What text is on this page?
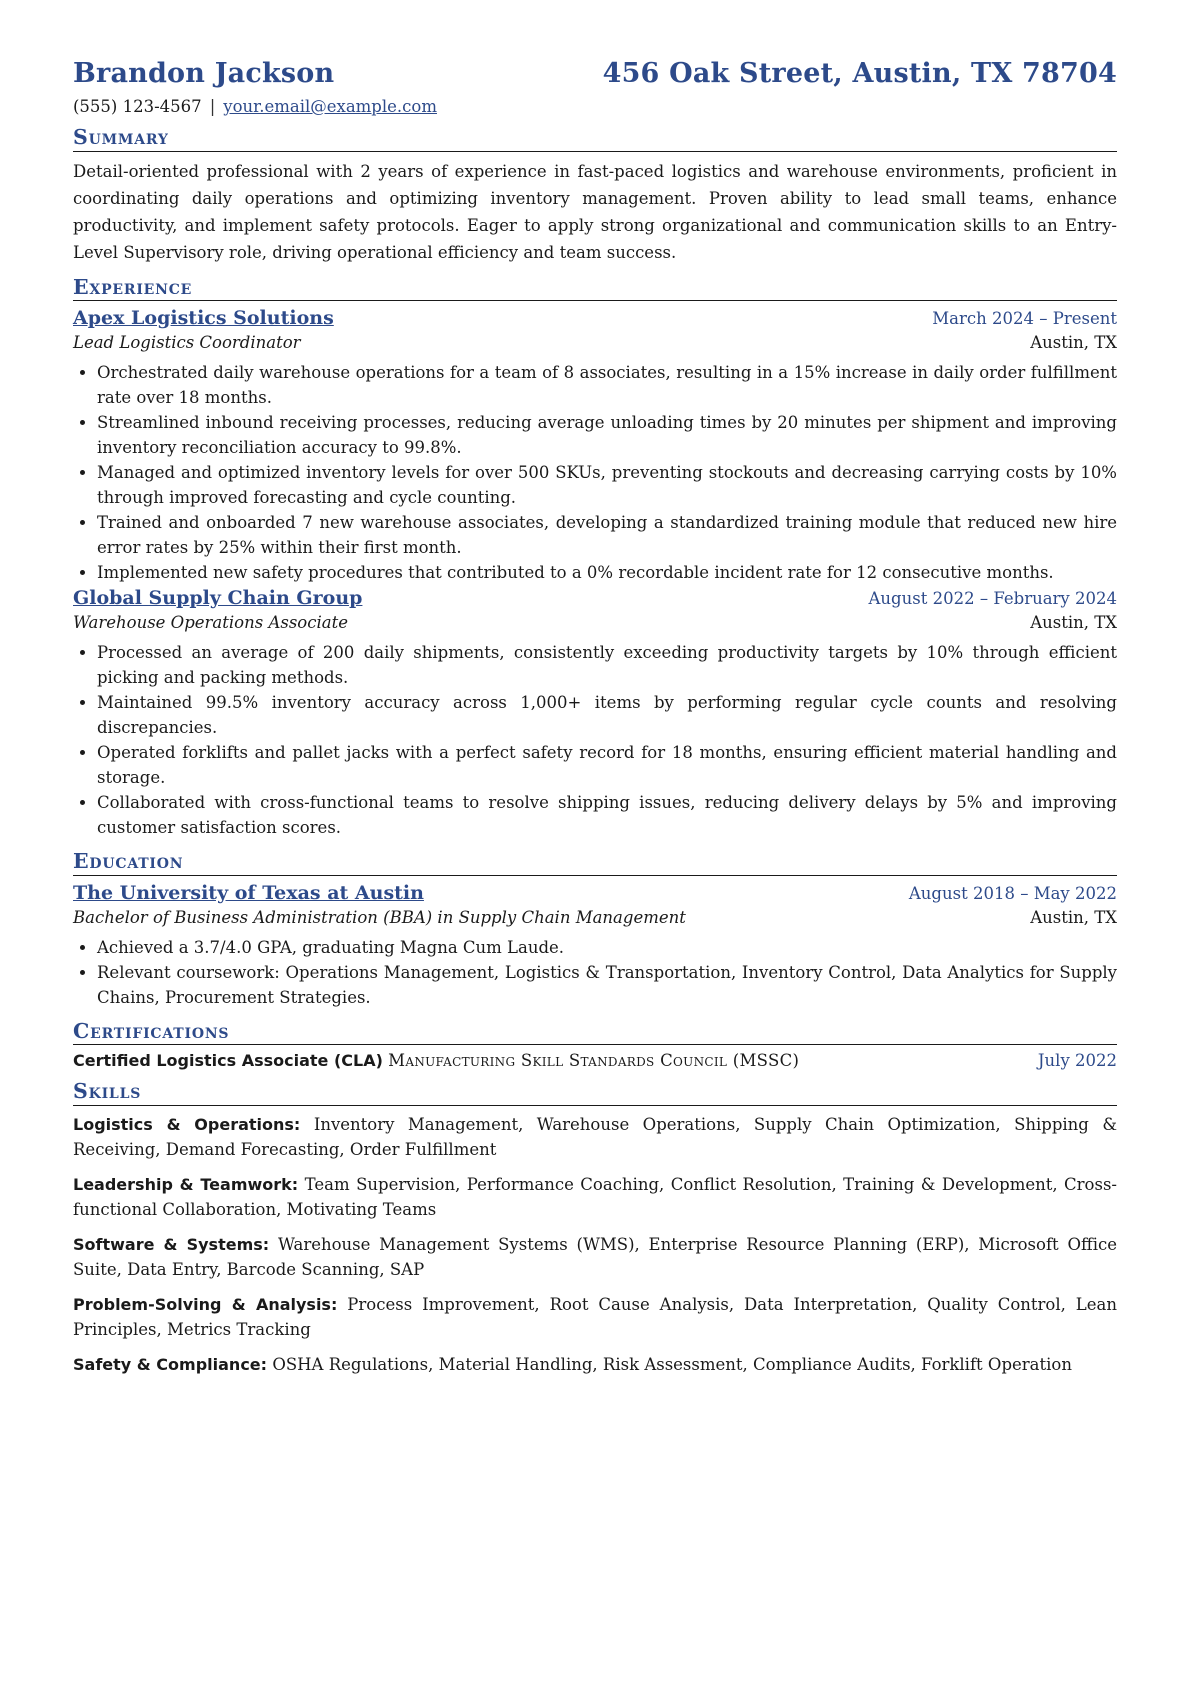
Brandon Jackson	456 Oak Street, Austin, TX 78704
(555) 123-4567 | your.email@example.com
Summary

Detail-oriented professional with 2 years of experience in fast-paced logistics and warehouse environments, proficient in coordinating daily operations and optimizing inventory management. Proven ability to lead small teams, enhance productivity, and implement safety protocols. Eager to apply strong organizational and communication skills to an Entry-Level Supervisory role, driving operational efficiency and team success.

Experience
Apex Logistics Solutions	March 2024 – Present
Lead Logistics Coordinator	Austin, TX
• Orchestrated daily warehouse operations for a team of 8 associates, resulting in a 15% increase in daily order fulfillment rate over 18 months.
• Streamlined inbound receiving processes, reducing average unloading times by 20 minutes per shipment and improving inventory reconciliation accuracy to 99.8%.
• Managed and optimized inventory levels for over 500 SKUs, preventing stockouts and decreasing carrying costs by 10% through improved forecasting and cycle counting.
• Trained and onboarded 7 new warehouse associates, developing a standardized training module that reduced new hire error rates by 25% within their first month.
• Implemented new safety procedures that contributed to a 0% recordable incident rate for 12 consecutive months.
Global Supply Chain Group	August 2022 – February 2024
Warehouse Operations Associate	Austin, TX
• Processed an average of 200 daily shipments, consistently exceeding productivity targets by 10% through efficient picking and packing methods.
• Maintained 99.5% inventory accuracy across 1,000+ items by performing regular cycle counts and resolving discrepancies.
• Operated forklifts and pallet jacks with a perfect safety record for 18 months, ensuring efficient material handling and storage.
• Collaborated with cross-functional teams to resolve shipping issues, reducing delivery delays by 5% and improving customer satisfaction scores.
Education
The University of Texas at Austin	August 2018 – May 2022
Bachelor of Business Administration (BBA) in Supply Chain Management	Austin, TX
• Achieved a 3.7/4.0 GPA, graduating Magna Cum Laude.
• Relevant coursework: Operations Management, Logistics & Transportation, Inventory Control, Data Analytics for Supply Chains, Procurement Strategies.
Certifications
Certified Logistics Associate (CLA) Manufacturing Skill Standards Council (MSSC)	July 2022
Skills

Logistics & Operations: Inventory Management, Warehouse Operations, Supply Chain Optimization, Shipping & Receiving, Demand Forecasting, Order Fulfillment

Leadership & Teamwork: Team Supervision, Performance Coaching, Conflict Resolution, Training & Development, Cross-functional Collaboration, Motivating Teams

Software & Systems: Warehouse Management Systems (WMS), Enterprise Resource Planning (ERP), Microsoft Office Suite, Data Entry, Barcode Scanning, SAP

Problem-Solving & Analysis: Process Improvement, Root Cause Analysis, Data Interpretation, Quality Control, Lean Principles, Metrics Tracking

Safety & Compliance: OSHA Regulations, Material Handling, Risk Assessment, Compliance Audits, Forklift Operation
